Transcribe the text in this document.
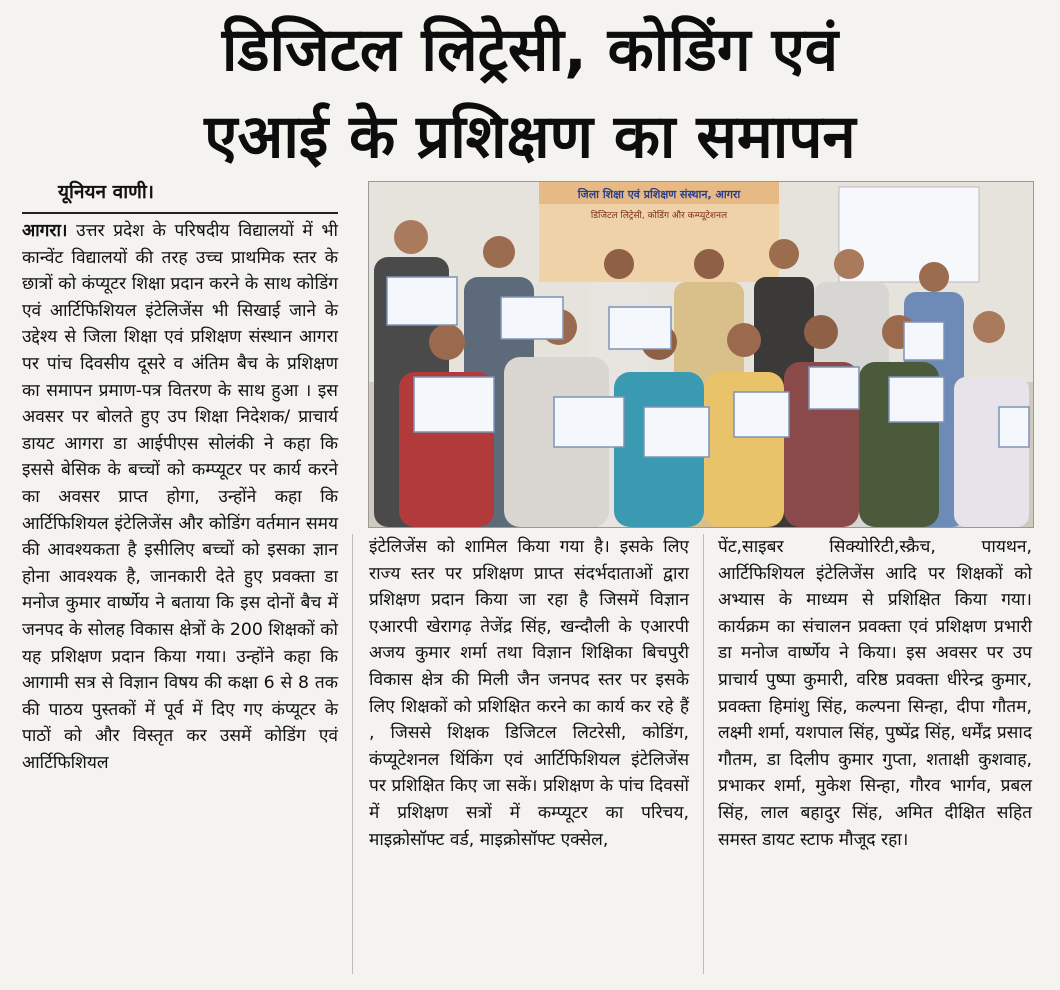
डिजिटल लिट्रेसी, कोडिंग एवं
एआई के प्रशिक्षण का समापन
यूनियन वाणी।

आगरा। उत्तर प्रदेश के परिषदीय विद्यालयों में भी कान्वेंट विद्यालयों की तरह उच्च प्राथमिक स्तर के छात्रों को कंप्यूटर शिक्षा प्रदान करने के साथ कोडिंग एवं आर्टिफिशियल इंटेलिजेंस भी सिखाई जाने के उद्देश्य से जिला शिक्षा एवं प्रशिक्षण संस्थान आगरा पर पांच दिवसीय दूसरे व अंतिम बैच के प्रशिक्षण का समापन प्रमाण-पत्र वितरण के साथ हुआ । इस अवसर पर बोलते हुए उप शिक्षा निदेशक/ प्राचार्य डायट आगरा डा आईपीएस सोलंकी ने कहा कि इससे बेसिक के बच्चों को कम्प्यूटर पर कार्य करने का अवसर प्राप्त होगा, उन्होंने कहा कि आर्टिफिशियल इंटेलिजेंस और कोडिंग वर्तमान समय की आवश्यकता है इसीलिए बच्चों को इसका ज्ञान होना आवश्यक है, जानकारी देते हुए प्रवक्ता डा मनोज कुमार वार्ष्णेय ने बताया कि इस दोनों बैच में जनपद के सोलह विकास क्षेत्रों के 200 शिक्षकों को यह प्रशिक्षण प्रदान किया गया। उन्होंने कहा कि आगामी सत्र से विज्ञान विषय की कक्षा 6 से 8 तक की पाठय पुस्तकों में पूर्व में दिए गए कंप्यूटर के पाठों को और विस्तृत कर उसमें कोडिंग एवं आर्टिफिशियल

जिला शिक्षा एवं प्रशिक्षण संस्थान, आगरा
डिजिटल लिट्रेसी, कोडिंग और कम्प्यूटेशनल

इंटेलिजेंस को शामिल किया गया है। इसके लिए राज्य स्तर पर प्रशिक्षण प्राप्त संदर्भदाताओं द्वारा प्रशिक्षण प्रदान किया जा रहा है जिसमें विज्ञान एआरपी खेरागढ़ तेजेंद्र सिंह, खन्दौली के एआरपी अजय कुमार शर्मा तथा विज्ञान शिक्षिका बिचपुरी विकास क्षेत्र की मिली जैन जनपद स्तर पर इसके लिए शिक्षकों को प्रशिक्षित करने का कार्य कर रहे हैं , जिससे शिक्षक डिजिटल लिटरेसी, कोडिंग, कंप्यूटेशनल थिंकिंग एवं आर्टिफिशियल इंटेलिजेंस पर प्रशिक्षित किए जा सकें। प्रशिक्षण के पांच दिवसों में प्रशिक्षण सत्रों में कम्प्यूटर का परिचय, माइक्रोसॉफ्ट वर्ड, माइक्रोसॉफ्ट एक्सेल,

पेंट,साइबर सिक्योरिटी,स्क्रैच, पायथन, आर्टिफिशियल इंटेलिजेंस आदि पर शिक्षकों को अभ्यास के माध्यम से प्रशिक्षित किया गया। कार्यक्रम का संचालन प्रवक्ता एवं प्रशिक्षण प्रभारी डा मनोज वार्ष्णेय ने किया। इस अवसर पर उप प्राचार्य पुष्पा कुमारी, वरिष्ठ प्रवक्ता धीरेन्द्र कुमार, प्रवक्ता हिमांशु सिंह, कल्पना सिन्हा, दीपा गौतम, लक्ष्मी शर्मा, यशपाल सिंह, पुष्पेंद्र सिंह, धर्मेंद्र प्रसाद गौतम, डा दिलीप कुमार गुप्ता, शताक्षी कुशवाह, प्रभाकर शर्मा, मुकेश सिन्हा, गौरव भार्गव, प्रबल सिंह, लाल बहादुर सिंह, अमित दीक्षित सहित समस्त डायट स्टाफ मौजूद रहा।
